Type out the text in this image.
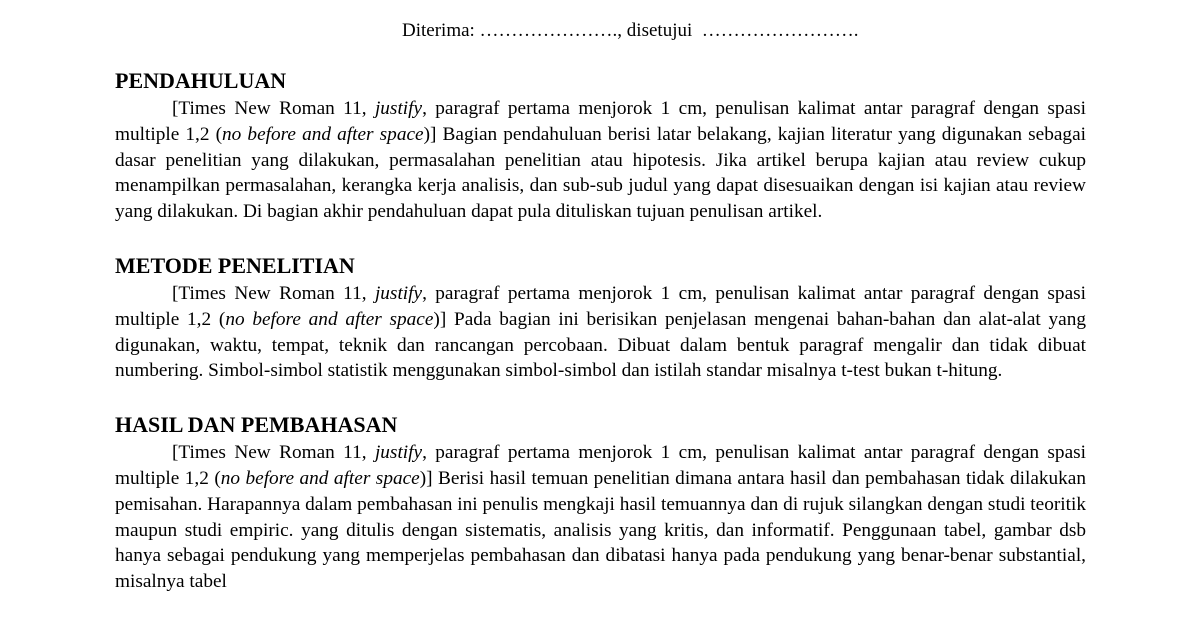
Diterima: …………………., disetujui  …………………….
PENDAHULUAN

[Times New Roman 11, justify, paragraf pertama menjorok 1 cm, penulisan kalimat antar paragraf dengan spasi multiple 1,2 (no before and after space)] Bagian pendahuluan berisi latar belakang, kajian literatur yang digunakan sebagai dasar penelitian yang dilakukan, permasalahan penelitian atau hipotesis. Jika artikel berupa kajian atau review cukup menampilkan permasalahan, kerangka kerja analisis, dan sub-sub judul yang dapat disesuaikan dengan isi kajian atau review yang dilakukan. Di bagian akhir pendahuluan dapat pula dituliskan tujuan penulisan artikel.

METODE PENELITIAN

[Times New Roman 11, justify, paragraf pertama menjorok 1 cm, penulisan kalimat antar paragraf dengan spasi multiple 1,2 (no before and after space)] Pada bagian ini berisikan penjelasan mengenai bahan-bahan dan alat-alat yang digunakan, waktu, tempat, teknik dan rancangan percobaan. Dibuat dalam bentuk paragraf mengalir dan tidak dibuat numbering. Simbol-simbol statistik menggunakan simbol-simbol dan istilah standar misalnya t-test bukan t-hitung.

HASIL DAN PEMBAHASAN

[Times New Roman 11, justify, paragraf pertama menjorok 1 cm, penulisan kalimat antar paragraf dengan spasi multiple 1,2 (no before and after space)] Berisi hasil temuan penelitian dimana antara hasil dan pembahasan tidak dilakukan pemisahan. Harapannya dalam pembahasan ini penulis mengkaji hasil temuannya dan di rujuk silangkan dengan studi teoritik maupun studi empiric. yang ditulis dengan sistematis, analisis yang kritis, dan informatif. Penggunaan tabel, gambar dsb hanya sebagai pendukung yang memperjelas pembahasan dan dibatasi hanya pada pendukung yang benar-benar substantial, misalnya tabel
